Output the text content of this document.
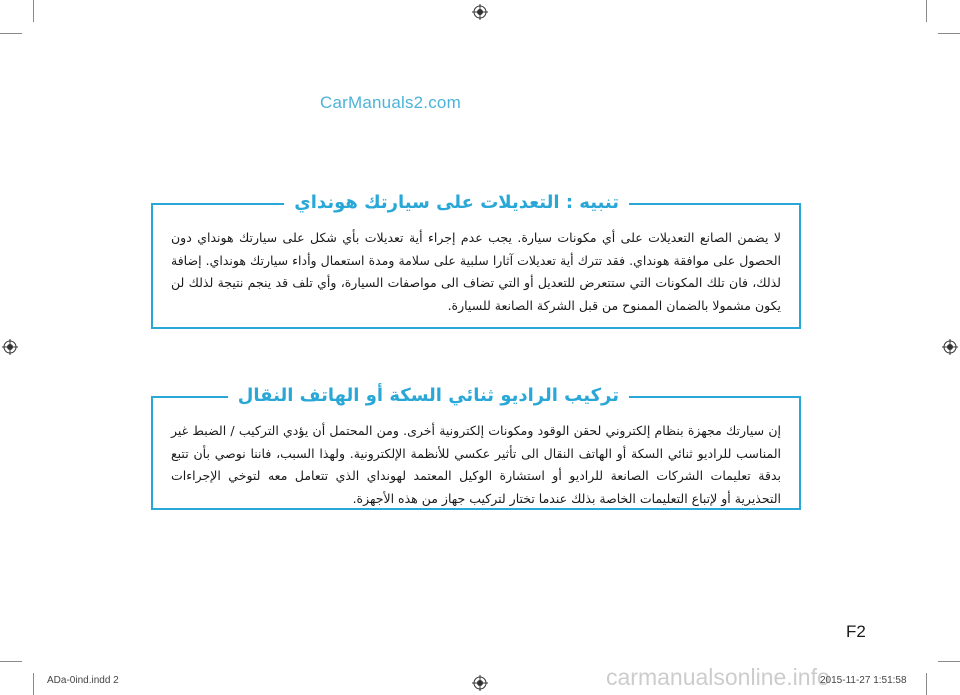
CarManuals2.com
تنبيه : التعديلات على سيارتك هونداي
لا يضمن الصانع التعديلات على أي مكونات سيارة. يجب عدم إجراء أية تعديلات بأي شكل على سيارتك هونداي دون الحصول على موافقة هونداي. فقد تترك أية تعديلات آثارا سلبية على سلامة ومدة استعمال وأداء سيارتك هونداي. إضافة لذلك، فان تلك المكونات التي ستتعرض للتعديل أو التي تضاف الى مواصفات السيارة، وأي تلف قد ينجم نتيجة لذلك لن يكون مشمولا بالضمان الممنوح من قبل الشركة الصانعة للسيارة.
تركيب الراديو ثنائي السكة أو الهاتف النقال
إن سيارتك مجهزة بنظام إلكتروني لحقن الوقود ومكونات إلكترونية أخرى. ومن المحتمل أن يؤدي التركيب / الضبط غير المناسب للراديو ثنائي السكة أو الهاتف النقال الى تأثير عكسي للأنظمة الإلكترونية. ولهذا السبب، فاننا نوصي بأن تتبع بدقة تعليمات الشركات الصانعة للراديو أو استشارة الوكيل المعتمد لهونداي الذي تتعامل معه لتوخي الإجراءات التحذيرية أو لإتباع التعليمات الخاصة بذلك عندما تختار لتركيب جهاز من هذه الأجهزة.
F2
ADa-0ind.indd 2	2015-11-27 1:51:58
carmanualsonline.info
